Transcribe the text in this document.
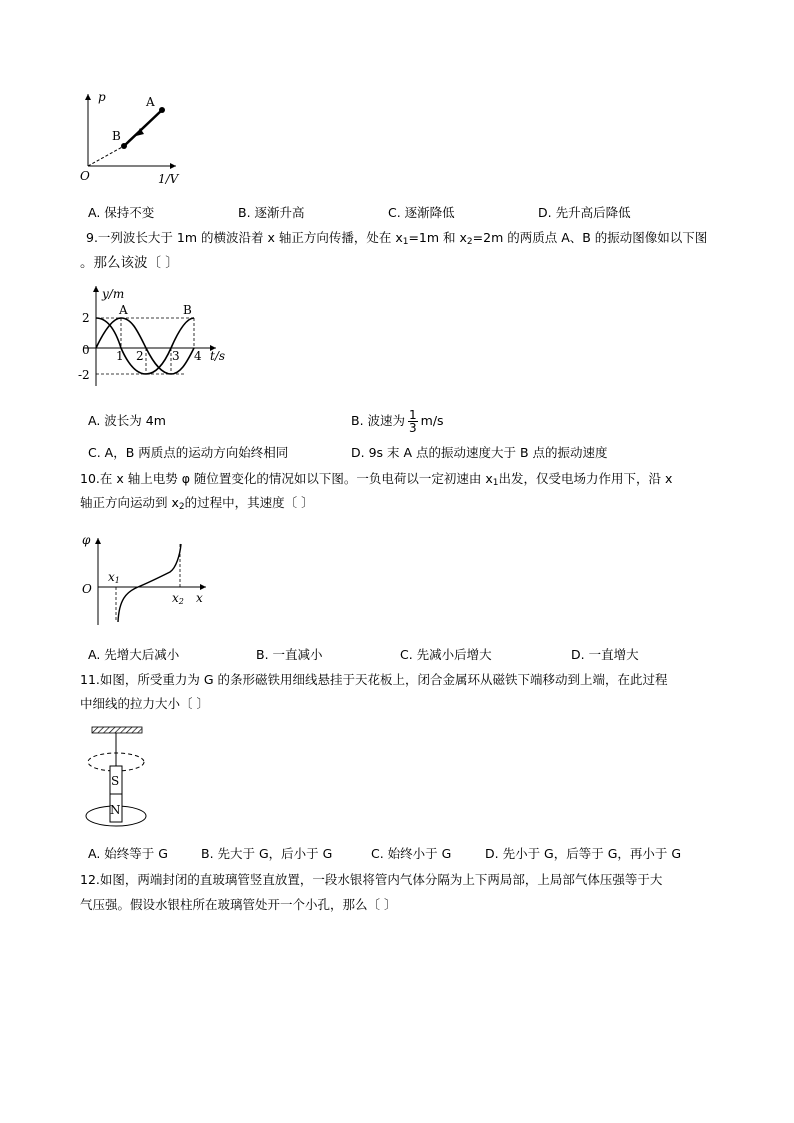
p	A
B
O	1/V
A. 保持不变	B. 逐渐升高	C. 逐渐降低	D. 先升高后降低
9.一列波长大于 1m 的横波沿着 x 轴正方向传播，处在 $x_1=1m$ 和 $x_2=2m$ 的两质点 A、B 的振动图像如以下图
。那么该波〔 〕
y/m
A	B
2
0
-2
1 2 3 4 t/s
A. 波长为 4m	B. 波速为 $\frac{1}{3} m/s$
C. A，B 两质点的运动方向始终相同	D. 9s 末 A 点的振动速度大于 B 点的振动速度
10.在 x 轴上电势 φ 随位置变化的情况如以下图。一负电荷以一定初速由 $x_1$出发，仅受电场力作用下，沿 x
轴正方向运动到 $x_2$的过程中，其速度〔 〕
φ
O
x1
x2 x
A. 先增大后减小	B. 一直减小	C. 先减小后增大	D. 一直增大
11.如图，所受重力为 G 的条形磁铁用细线悬挂于天花板上，闭合金属环从磁铁下端移动到上端，在此过程
中细线的拉力大小〔 〕
S
N
A. 始终等于 G	B. 先大于 G，后小于 G	C. 始终小于 G	D. 先小于 G，后等于 G，再小于 G
12.如图，两端封闭的直玻璃管竖直放置，一段水银将管内气体分隔为上下两局部，上局部气体压强等于大
气压强。假设水银柱所在玻璃管处开一个小孔，那么〔 〕
